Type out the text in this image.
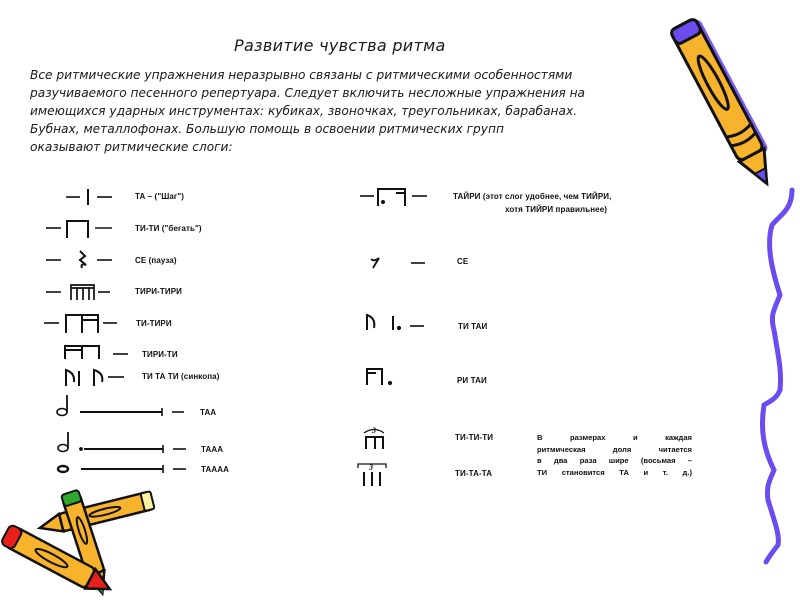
Развитие чувства ритма

Все ритмические упражнения неразрывно связаны с ритмическими особенностями

разучиваемого песенного репертуара. Следует включить несложные упражнения на

имеющихся ударных инструментах: кубиках, звоночках, треугольниках, барабанах.

Бубнах, металлофонах. Большую помощь в освоении ритмических групп

оказывают ритмические слоги:

ТА – ("Шаг")
ТИ-ТИ ("бегать")
СЕ (пауза)
ТИРИ-ТИРИ
ТИ-ТИРИ
ТИРИ-ТИ
ТИ ТА ТИ (синкопа)
ТАА
ТААА
ТАААА
3
3
ТАЙРИ (этот слог удобнее, чем ТИЙРИ,
хотя ТИЙРИ правильнее)
СЕ
ТИ ТАИ
РИ ТАИ
ТИ-ТИ-ТИ
ТИ-ТА-ТА
В размерах и каждая
ритмическая доля читается
в два раза шире (восьмая –
ТИ становится ТА и т. д.)
